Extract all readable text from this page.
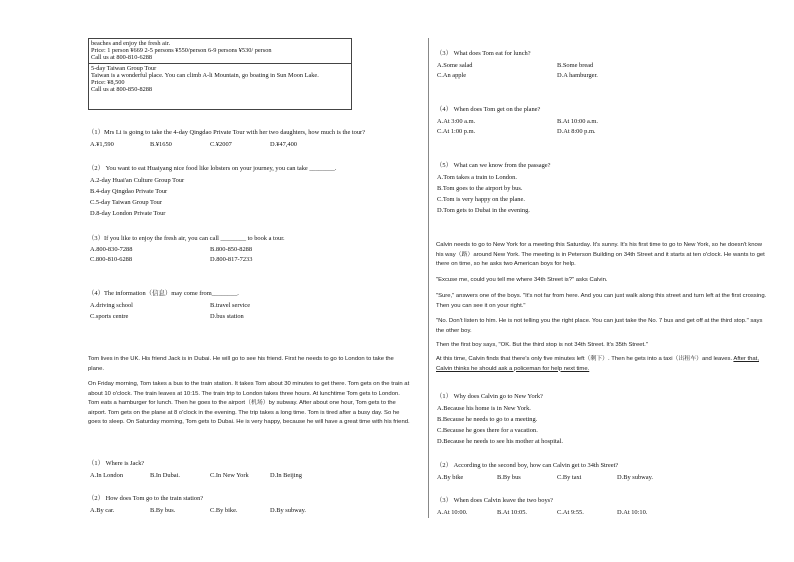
beaches and enjoy the fresh air.
Price: 1 person ¥669 2-5 persons ¥550/person 6-9 persons ¥530/ person
Call us at 800-810-6288
5-day Taiwan Group Tour
Taiwan is a wonderful place. You can climb A-li Mountain, go boating in Sun Moon Lake.
Price: ¥8,500
Call us at 800-850-8288
（1）Mrs Li is going to take the 4-day Qingdao Private Tour with her two daughters, how much is the tour?
A.¥1,590	B.¥1650	C.¥2007	D.¥47,400
（2） You want to eat Huaiyang nice food like lobsters on your journey, you can take ________.
A.2-day Huai'an Culture Group Tour
B.4-day Qingdao Private Tour
C.5-day Taiwan Group Tour
D.8-day London Private Tour
（3）If you like to enjoy the fresh air, you can call ________ to book a tour.
A.800-830-7288	B.800-850-8288
C.800-810-6288	D.800-817-7233
（4）The information（信息）may come from________.
A.driving school	B.travel service
C.sports centre	D.bus station
Tom lives in the UK. His friend Jack is in Dubai. He will go to see his friend. First he needs to go to London to take the plane.
On Friday morning, Tom takes a bus to the train station. It takes Tom about 30 minutes to get there. Tom gets on the train at about 10 o'clock. The train leaves at 10:15. The train trip to London takes three hours. At lunchtime Tom gets to London. Tom eats a hamburger for lunch. Then he goes to the airport（机场）by subway. After about one hour, Tom gets to the airport. Tom gets on the plane at 8 o'clock in the evening. The trip takes a long time. Tom is tired after a busy day. So he goes to sleep. On Saturday morning, Tom gets to Dubai. He is very happy, because he will have a great time with his friend.
（1） Where is Jack?
A.In London	B.In Dubai.	C.In New York	D.In Beijing
（2） How does Tom go to the train station?
A.By car.	B.By bus.	C.By bike.	D.By subway.
（3） What does Tom eat for lunch?
A.Some salad	B.Some bread
C.An apple	D.A hamburger.
（4） When does Tom get on the plane?
A.At 3:00 a.m.	B.At 10:00 a.m.
C.At 1:00 p.m.	D.At 8:00 p.m.
（5） What can we know from the passage?
A.Tom takes a train to London.
B.Tom goes to the airport by bus.
C.Tom is very happy on the plane.
D.Tom gets to Dubai in the evening.
Calvin needs to go to New York for a meeting this Saturday. It's sunny. It's his first time to go to New York, so he doesn't know his way（路）around New York. The meeting is in Peterson Building on 34th Street and it starts at ten o'clock. He wants to get there on time, so he asks two American boys for help.
"Excuse me, could you tell me where 34th Street is?" asks Calvin.
"Sure," answers one of the boys. "It's not far from here. And you can just walk along this street and turn left at the first crossing. Then you can see it on your right."
"No. Don't listen to him. He is not telling you the right place. You can just take the No. 7 bus and get off at the third stop." says the other boy.
Then the first boy says, "OK. But the third stop is not 34th Street. It's 35th Street."
At this time, Calvin finds that there's only five minutes left（剩下）. Then he gets into a taxi（出租车）and leaves. After that, Calvin thinks he should ask a policeman for help next time.
（1） Why does Calvin go to New York?
A.Because his home is in New York.
B.Because he needs to go to a meeting.
C.Because he goes there for a vacation.
D.Because he needs to see his mother at hospital.
（2） According to the second boy, how can Calvin get to 34th Street?
A.By bike	B.By bus	C.By taxi	D.By subway.
（3） When does Calvin leave the two boys?
A.At 10:00.	B.At 10:05.	C.At 9:55.	D.At 10:10.
